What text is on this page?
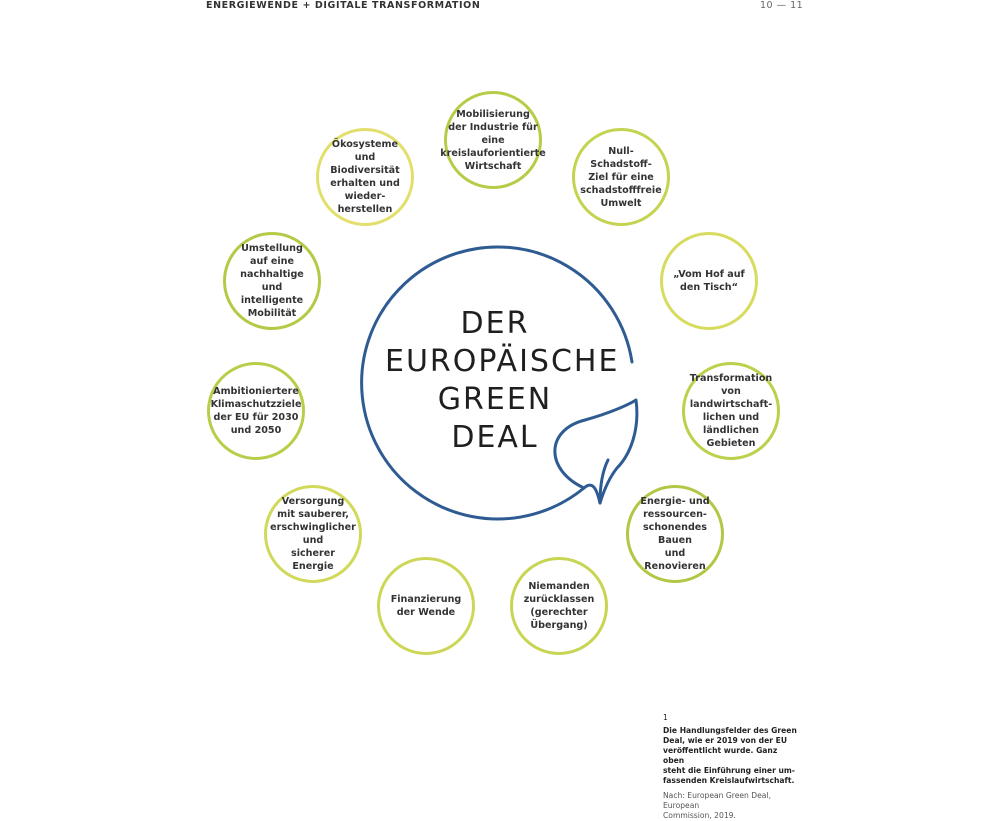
ENERGIEWENDE + DIGITALE TRANSFORMATION	10 — 11
DER
EUROPÄISCHE
GREEN
DEAL
Mobilisierung
der Industrie für eine
kreislauforientierte
Wirtschaft
Null-Schadstoff-
Ziel für eine
schadstofffreie
Umwelt
„Vom Hof auf
den Tisch“
Transformation
von landwirtschaft-
lichen und ländlichen
Gebieten
Energie- und
ressourcen-
schonendes Bauen
und Renovieren
Niemanden
zurücklassen
(gerechter
Übergang)
Finanzierung
der Wende
Versorgung
mit sauberer,
erschwinglicher und
sicherer Energie
Ambitioniertere
Klimaschutzziele
der EU für 2030
und 2050
Umstellung
auf eine nachhaltige
und intelligente
Mobilität
Ökosysteme
und Biodiversität
erhalten und wieder-
herstellen
1
Die Handlungsfelder des Green
Deal, wie er 2019 von der EU
veröffentlicht wurde. Ganz oben
steht die Einführung einer um-
fassenden Kreislaufwirtschaft.
Nach: European Green Deal, European
Commission, 2019.
